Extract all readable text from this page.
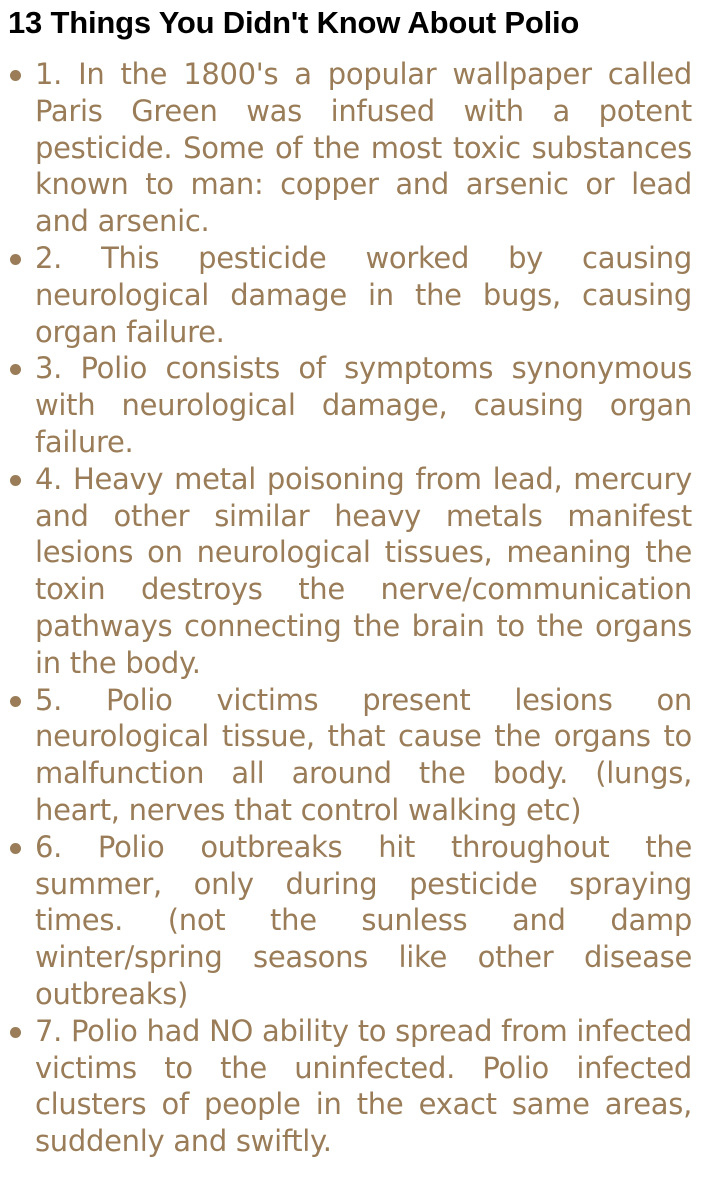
13 Things You Didn't Know About Polio
1. In the 1800's a popular wallpaper called Paris Green was infused with a potent pesticide. Some of the most toxic substances known to man: copper and arsenic or lead and arsenic.
2. This pesticide worked by causing neurological damage in the bugs, causing organ failure.
3. Polio consists of symptoms synonymous with neurological damage, causing organ failure.
4. Heavy metal poisoning from lead, mercury and other similar heavy metals manifest lesions on neurological tissues, meaning the toxin destroys the nerve/communication pathways connecting the brain to the organs in the body.
5. Polio victims present lesions on neurological tissue, that cause the organs to malfunction all around the body. (lungs, heart, nerves that control walking etc)
6. Polio outbreaks hit throughout the summer, only during pesticide spraying times. (not the sunless and damp winter/spring seasons like other disease outbreaks)
7. Polio had NO ability to spread from infected victims to the uninfected. Polio infected clusters of people in the exact same areas, suddenly and swiftly.
